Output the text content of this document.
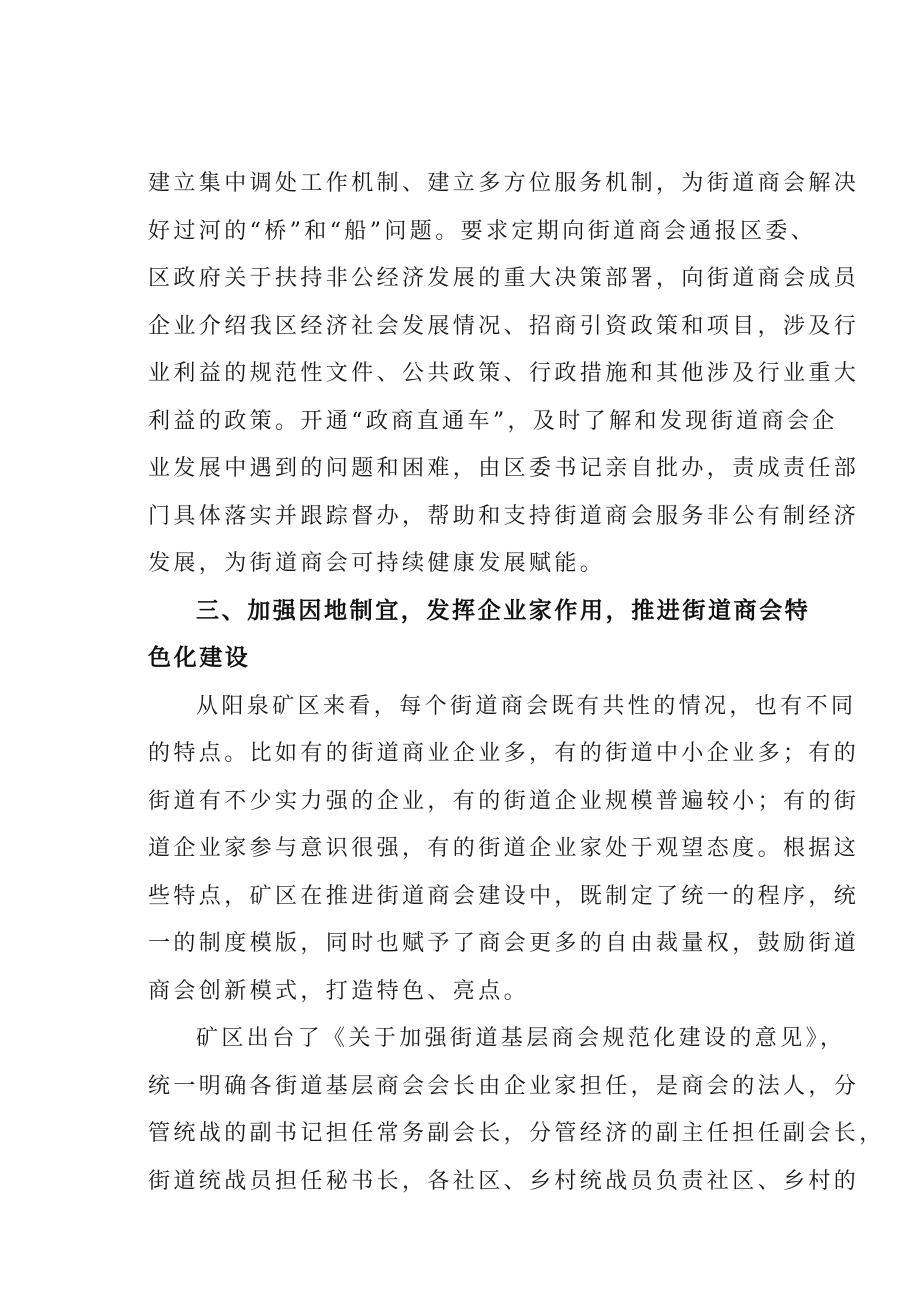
建立集中调处工作机制、建立多方位服务机制，为街道商会解决
好过河的“桥”和“船”问题。要求定期向街道商会通报区委、
区政府关于扶持非公经济发展的重大决策部署，向街道商会成员
企业介绍我区经济社会发展情况、招商引资政策和项目，涉及行
业利益的规范性文件、公共政策、行政措施和其他涉及行业重大
利益的政策。开通“政商直通车”，及时了解和发现街道商会企
业发展中遇到的问题和困难，由区委书记亲自批办，责成责任部
门具体落实并跟踪督办，帮助和支持街道商会服务非公有制经济
发展，为街道商会可持续健康发展赋能。
三、加强因地制宜，发挥企业家作用，推进街道商会特
色化建设
从阳泉矿区来看，每个街道商会既有共性的情况，也有不同
的特点。比如有的街道商业企业多，有的街道中小企业多；有的
街道有不少实力强的企业，有的街道企业规模普遍较小；有的街
道企业家参与意识很强，有的街道企业家处于观望态度。根据这
些特点，矿区在推进街道商会建设中，既制定了统一的程序，统
一的制度模版，同时也赋予了商会更多的自由裁量权，鼓励街道
商会创新模式，打造特色、亮点。
矿区出台了《关于加强街道基层商会规范化建设的意见》，
统一明确各街道基层商会会长由企业家担任，是商会的法人，分
管统战的副书记担任常务副会长，分管经济的副主任担任副会长，
街道统战员担任秘书长，各社区、乡村统战员负责社区、乡村的
